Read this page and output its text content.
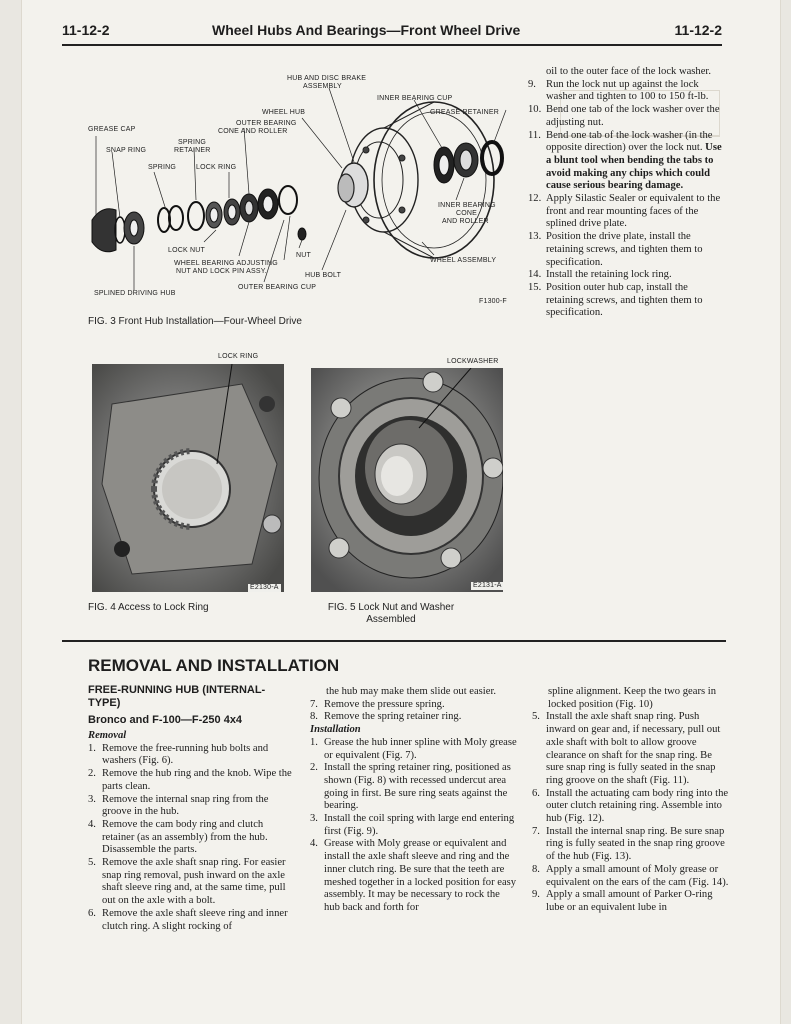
11-12-2	Wheel Hubs And Bearings—Front Wheel Drive	11-12-2
HUB AND DISC BRAKE
ASSEMBLY
INNER BEARING CUP
WHEEL HUB	GREASE RETAINER
OUTER BEARING
CONE AND ROLLER
GREASE CAP
SPRING
RETAINER
SNAP RING
SPRING	LOCK RING
INNER BEARING
CONE
AND ROLLER
LOCK NUT
NUT
WHEEL BEARING ADJUSTING
NUT AND LOCK PIN ASSY.
WHEEL ASSEMBLY
HUB BOLT
OUTER BEARING CUP
SPLINED DRIVING HUB
F1300-F
FIG. 3 Front Hub Installation—Four-Wheel Drive
oil to the outer face of the lock washer.
9. Run the lock nut up against the lock washer and tighten to 100 to 150 ft-lb.
10. Bend one tab of the lock washer over the adjusting nut.
11. Bend one tab of the lock washer (in the opposite direction) over the lock nut. Use a blunt tool when bending the tabs to avoid making any chips which could cause serious bearing damage.
12. Apply Silastic Sealer or equivalent to the front and rear mounting faces of the splined drive plate.
13. Position the drive plate, install the retaining screws, and tighten them to specification.
14. Install the retaining lock ring.
15. Position outer hub cap, install the retaining screws, and tighten them to specification.
LOCK RING
E2130-A
FIG. 4 Access to Lock Ring
LOCKWASHER
E2131-A
FIG. 5 Lock Nut and Washer
Assembled
REMOVAL AND INSTALLATION
FREE-RUNNING HUB (INTERNAL-
TYPE)
Bronco and F-100—F-250 4x4
Removal
1. Remove the free-running hub bolts and washers (Fig. 6).
2. Remove the hub ring and the knob. Wipe the parts clean.
3. Remove the internal snap ring from the groove in the hub.
4. Remove the cam body ring and clutch retainer (as an assembly) from the hub. Disassemble the parts.
5. Remove the axle shaft snap ring. For easier snap ring removal, push inward on the axle shaft sleeve ring and, at the same time, pull out on the axle with a bolt.
6. Remove the axle shaft sleeve ring and inner clutch ring. A slight rocking of
the hub may make them slide out easier.
7. Remove the pressure spring.
8. Remove the spring retainer ring.
Installation
1. Grease the hub inner spline with Moly grease or equivalent (Fig. 7).
2. Install the spring retainer ring, positioned as shown (Fig. 8) with recessed undercut area going in first. Be sure ring seats against the bearing.
3. Install the coil spring with large end entering first (Fig. 9).
4. Grease with Moly grease or equivalent and install the axle shaft sleeve and ring and the inner clutch ring. Be sure that the teeth are meshed together in a locked position for easy assembly. It may be necessary to rock the hub back and forth for
spline alignment. Keep the two gears in locked position (Fig. 10)
5. Install the axle shaft snap ring. Push inward on gear and, if necessary, pull out axle shaft with bolt to allow groove clearance on shaft for the snap ring. Be sure snap ring is fully seated in the snap ring groove on the shaft (Fig. 11).
6. Install the actuating cam body ring into the outer clutch retaining ring. Assemble into hub (Fig. 12).
7. Install the internal snap ring. Be sure snap ring is fully seated in the snap ring groove of the hub (Fig. 13).
8. Apply a small amount of Moly grease or equivalent on the ears of the cam (Fig. 14).
9. Apply a small amount of Parker O-ring lube or an equivalent lube in
